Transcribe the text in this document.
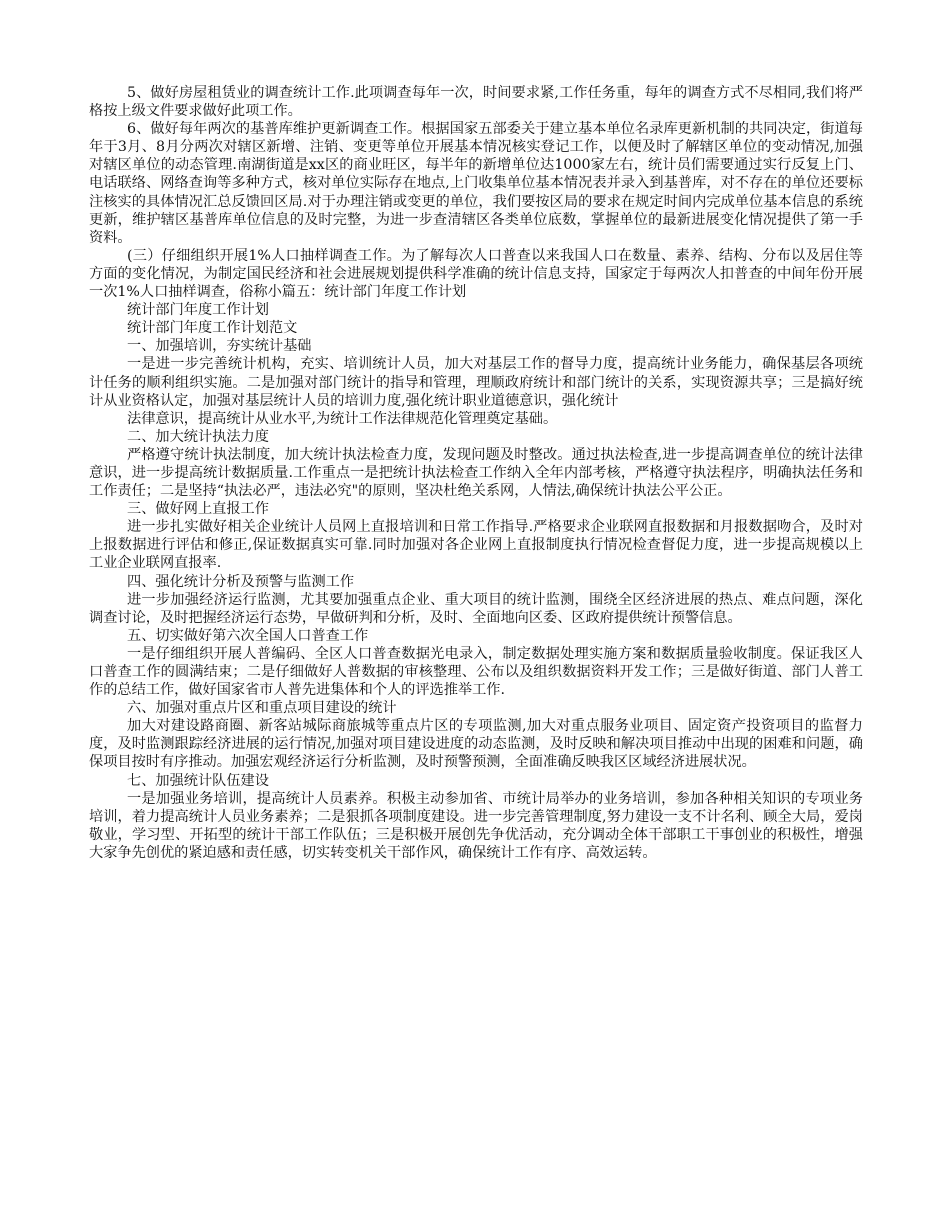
5、做好房屋租赁业的调查统计工作.此项调查每年一次，时间要求紧,工作任务重，每年的调查方式不尽相同,我们将严格按上级文件要求做好此项工作。

6、做好每年两次的基普库维护更新调查工作。根据国家五部委关于建立基本单位名录库更新机制的共同决定，街道每年于3月、8月分两次对辖区新增、注销、变更等单位开展基本情况核实登记工作，以便及时了解辖区单位的变动情况,加强对辖区单位的动态管理.南湖街道是xx区的商业旺区，每半年的新增单位达1000家左右，统计员们需要通过实行反复上门、电话联络、网络查询等多种方式，核对单位实际存在地点,上门收集单位基本情况表并录入到基普库，对不存在的单位还要标注核实的具体情况汇总反馈回区局.对于办理注销或变更的单位，我们要按区局的要求在规定时间内完成单位基本信息的系统更新，维护辖区基普库单位信息的及时完整，为进一步查清辖区各类单位底数，掌握单位的最新进展变化情况提供了第一手资料。

(三）仔细组织开展1%人口抽样调查工作。为了解每次人口普查以来我国人口在数量、素养、结构、分布以及居住等方面的变化情况，为制定国民经济和社会进展规划提供科学准确的统计信息支持，国家定于每两次人扣普查的中间年份开展一次1%人口抽样调查，俗称小篇五：统计部门年度工作计划

统计部门年度工作计划

统计部门年度工作计划范文

一、加强培训，夯实统计基础

一是进一步完善统计机构，充实、培训统计人员，加大对基层工作的督导力度，提高统计业务能力，确保基层各项统计任务的顺利组织实施。二是加强对部门统计的指导和管理，理顺政府统计和部门统计的关系，实现资源共享；三是搞好统计从业资格认定，加强对基层统计人员的培训力度,强化统计职业道德意识，强化统计

法律意识，提高统计从业水平,为统计工作法律规范化管理奠定基础。

二、加大统计执法力度

严格遵守统计执法制度，加大统计执法检查力度，发现问题及时整改。通过执法检查,进一步提高调查单位的统计法律意识，进一步提高统计数据质量.工作重点一是把统计执法检查工作纳入全年内部考核，严格遵守执法程序，明确执法任务和工作责任；二是坚持“执法必严，违法必究"的原则，坚决杜绝关系网，人情法,确保统计执法公平公正。

三、做好网上直报工作

进一步扎实做好相关企业统计人员网上直报培训和日常工作指导.严格要求企业联网直报数据和月报数据吻合，及时对上报数据进行评估和修正,保证数据真实可靠.同时加强对各企业网上直报制度执行情况检查督促力度，进一步提高规模以上工业企业联网直报率.

四、强化统计分析及预警与监测工作

进一步加强经济运行监测，尤其要加强重点企业、重大项目的统计监测，围绕全区经济进展的热点、难点问题，深化调查讨论，及时把握经济运行态势，早做研判和分析，及时、全面地向区委、区政府提供统计预警信息。

五、切实做好第六次全国人口普查工作

一是仔细组织开展人普编码、全区人口普查数据光电录入，制定数据处理实施方案和数据质量验收制度。保证我区人口普查工作的圆满结束；二是仔细做好人普数据的审核整理、公布以及组织数据资料开发工作；三是做好街道、部门人普工作的总结工作，做好国家省市人普先进集体和个人的评选推举工作.

六、加强对重点片区和重点项目建设的统计

加大对建设路商圈、新客站城际商旅城等重点片区的专项监测,加大对重点服务业项目、固定资产投资项目的监督力度，及时监测跟踪经济进展的运行情况,加强对项目建设进度的动态监测，及时反映和解决项目推动中出现的困难和问题，确保项目按时有序推动。加强宏观经济运行分析监测，及时预警预测，全面准确反映我区区域经济进展状况。

七、加强统计队伍建设

一是加强业务培训，提高统计人员素养。积极主动参加省、市统计局举办的业务培训，参加各种相关知识的专项业务培训，着力提高统计人员业务素养；二是狠抓各项制度建设。进一步完善管理制度,努力建设一支不计名利、顾全大局，爱岗敬业，学习型、开拓型的统计干部工作队伍；三是积极开展创先争优活动，充分调动全体干部职工干事创业的积极性，增强大家争先创优的紧迫感和责任感，切实转变机关干部作风，确保统计工作有序、高效运转。
